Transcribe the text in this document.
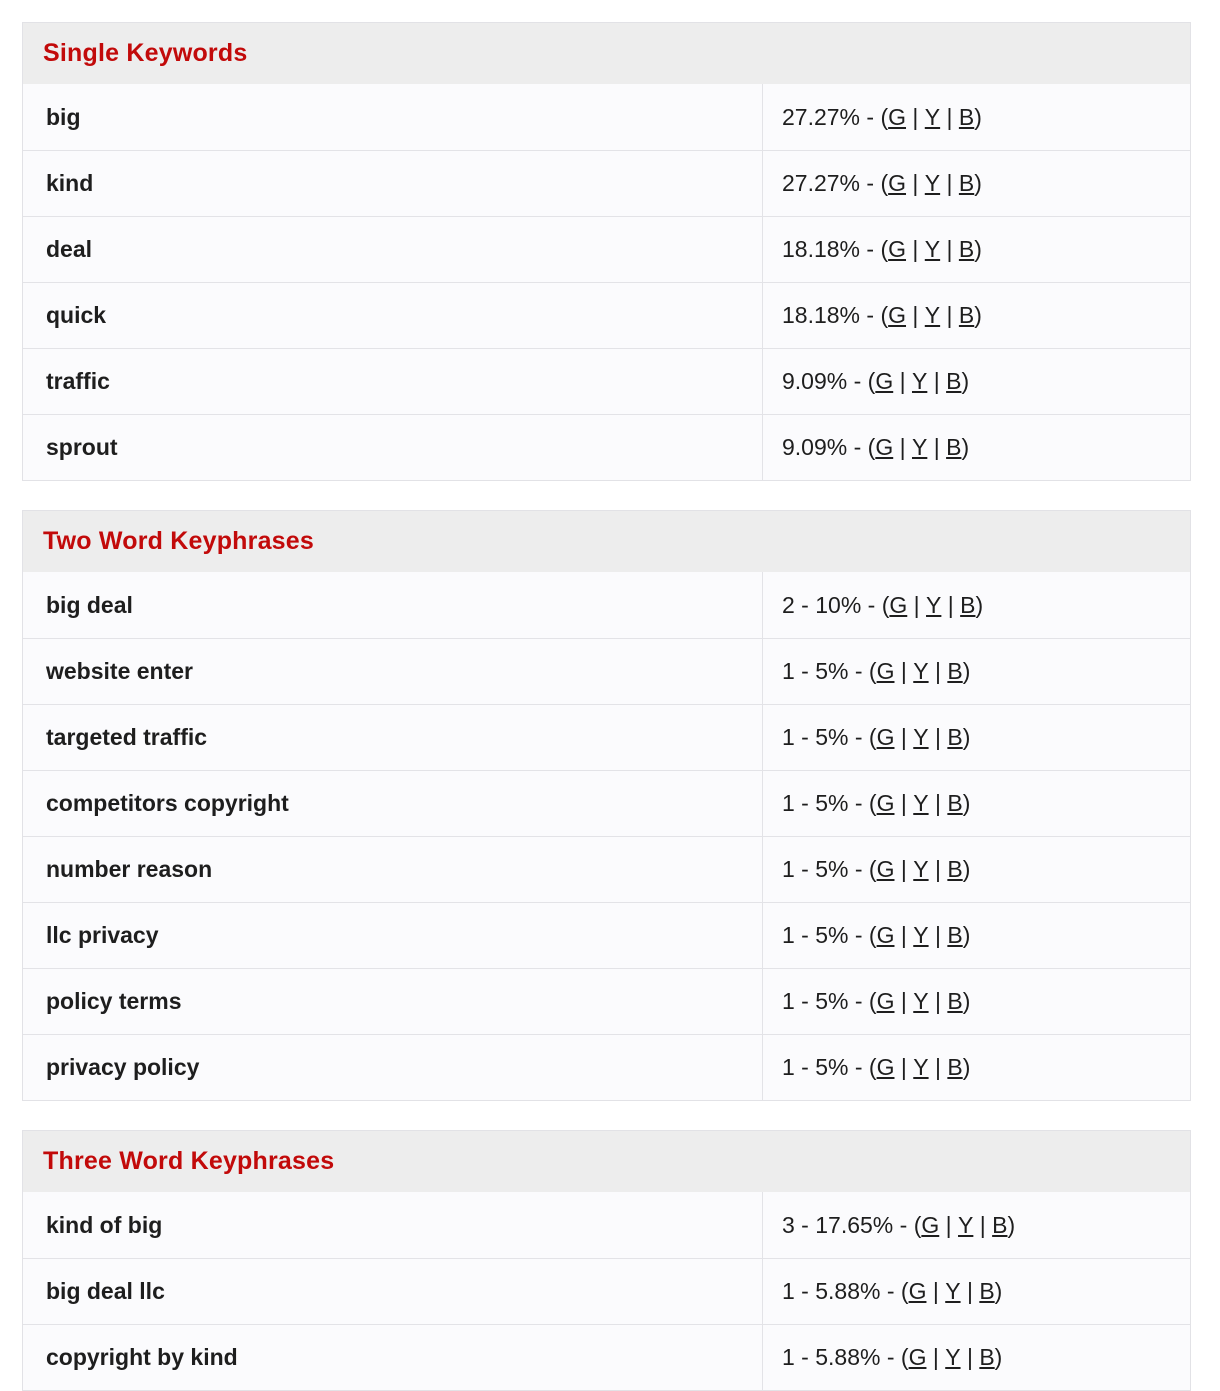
Single Keywords
big	27.27% - ( G | Y | B )
kind	27.27% - ( G | Y | B )
deal	18.18% - ( G | Y | B )
quick	18.18% - ( G | Y | B )
traffic	9.09% - ( G | Y | B )
sprout	9.09% - ( G | Y | B )
Two Word Keyphrases
big deal	2 - 10% - ( G | Y | B )
website enter	1 - 5% - ( G | Y | B )
targeted traffic	1 - 5% - ( G | Y | B )
competitors copyright	1 - 5% - ( G | Y | B )
number reason	1 - 5% - ( G | Y | B )
llc privacy	1 - 5% - ( G | Y | B )
policy terms	1 - 5% - ( G | Y | B )
privacy policy	1 - 5% - ( G | Y | B )
Three Word Keyphrases
kind of big	3 - 17.65% - ( G | Y | B )
big deal llc	1 - 5.88% - ( G | Y | B )
copyright by kind	1 - 5.88% - ( G | Y | B )
